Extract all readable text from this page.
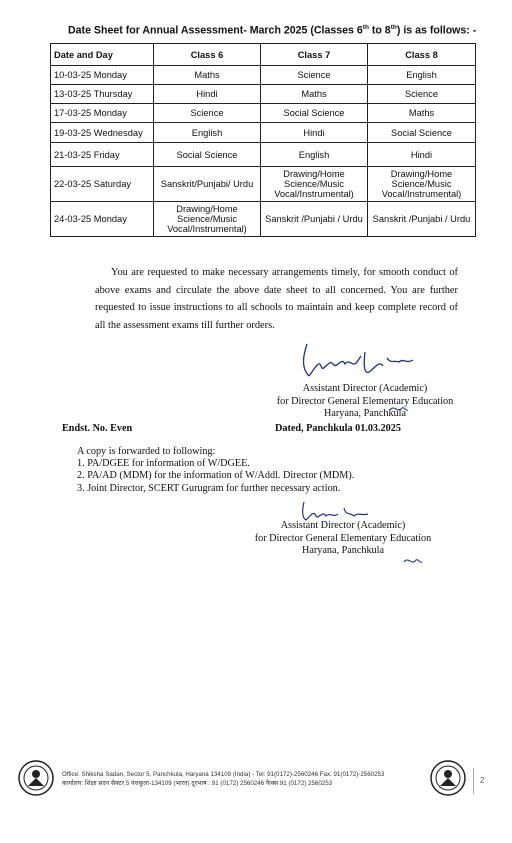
Date Sheet for Annual Assessment- March 2025 (Classes 6th to 8th) is as follows: -
Date and Day	Class 6	Class 7	Class 8
10-03-25 Monday	Maths	Science	English
13-03-25 Thursday	Hindi	Maths	Science
17-03-25 Monday	Science	Social Science	Maths
19-03-25 Wednesday	English	Hindi	Social Science
21-03-25 Friday	Social Science	English	Hindi
22-03-25 Saturday	Sanskrit/Punjabi/ Urdu	Drawing/Home Science/Music Vocal/Instrumental)	Drawing/Home Science/Music Vocal/Instrumental)
24-03-25 Monday	Drawing/Home Science/Music Vocal/Instrumental)	Sanskrit /Punjabi / Urdu	Sanskrit /Punjabi / Urdu

You are requested to make necessary arrangements timely, for smooth conduct of above exams and circulate the above date sheet to all concerned. You are further requested to issue instructions to all schools to maintain and keep complete record of all the assessment exams till further orders.

Assistant Director (Academic)
for Director General Elementary Education
Haryana, Panchkula
Endst. No. Even	Dated, Panchkula 01.03.2025
A copy is forwarded to following:
1. PA/DGEE for information of W/DGEE.
2. PA/AD (MDM) for the information of W/Addl. Director (MDM).
3. Joint Director, SCERT Gurugram for further necessary action.
Assistant Director (Academic)
for Director General Elementary Education
Haryana, Panchkula
Office: Shiksha Sadan, Sector 5, Panchkula, Haryana 134109 (India) - Tel: 91(0172)-2560246 Fax: 91(0172)-2560253
कार्यालय: शिक्षा सदन सैक्टर 5 पंचकूला-134109 (भारत) दूरभाष : 91 (0172) 2560246 फैक्स 91 (0172) 2560253	2
